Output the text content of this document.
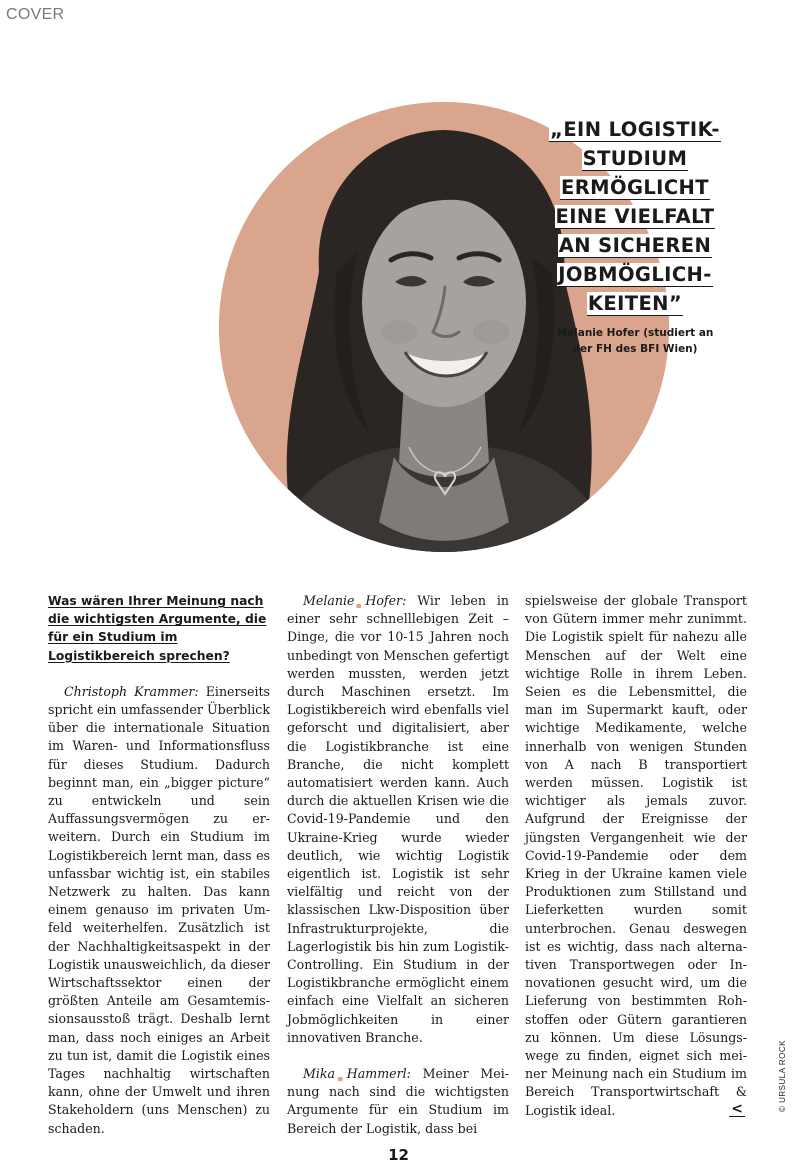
COVER
„EIN LOGISTIK-
STUDIUM
ERMÖGLICHT
EINE VIELFALT
AN SICHEREN
JOBMÖGLICH-
KEITEN”
Melanie Hofer (studiert an der FH des BFI Wien)

Was wären Ihrer Meinung nach die wichtigsten Argumente, die für ein Studium im Logistikbereich sprechen?

Christoph Krammer: Einerseits spricht ein umfassender Überblick über die internationale Situation im Waren- und Informationsfluss für dieses Studium. Dadurch beginnt man, ein „bigger picture“ zu entwickeln und sein Auffassungsvermögen zu erweitern. Durch ein Studium im Logistikbereich lernt man, dass es unfassbar wichtig ist, ein stabiles Netzwerk zu halten. Das kann einem genauso im privaten Umfeld weiterhelfen. Zusätzlich ist der Nachhaltigkeitsaspekt in der Logistik unausweichlich, da dieser Wirtschaftssektor einen der größten Anteile am Gesamtemissionsausstoß trägt. Deshalb lernt man, dass noch einiges an Arbeit zu tun ist, damit die Logistik eines Tages nachhaltig wirtschaften kann, ohne der Umwelt und ihren Stakeholdern (uns Menschen) zu schaden.

Melanie Hofer: Wir leben in einer sehr schnelllebigen Zeit – Dinge, die vor 10-15 Jahren noch unbedingt von Menschen gefertigt werden mussten, werden jetzt durch Maschinen ersetzt. Im Logistikbereich wird ebenfalls viel geforscht und digitalisiert, aber die Logistikbranche ist eine Branche, die nicht komplett automatisiert werden kann. Auch durch die aktuellen Krisen wie die Covid-19-Pandemie und den Ukraine-Krieg wurde wieder deutlich, wie wichtig Logistik eigentlich ist. Logistik ist sehr vielfältig und reicht von der klassischen Lkw-Disposition über Infrastrukturprojekte, die Lagerlogistik bis hin zum Logistik-Controlling. Ein Studium in der Logistikbranche ermöglicht einem einfach eine Vielfalt an sicheren Jobmöglichkeiten in einer innovativen Branche.

Mika Hammerl: Meiner Meinung nach sind die wichtigsten Argumente für ein Studium im Bereich der Logistik, dass bei

spielsweise der globale Transport von Gütern immer mehr zunimmt. Die Logistik spielt für nahezu alle Menschen auf der Welt eine wichtige Rolle in ihrem Leben. Seien es die Lebensmittel, die man im Supermarkt kauft, oder wichtige Medikamente, welche innerhalb von wenigen Stunden von A nach B transportiert werden müssen. Logistik ist wichtiger als jemals zuvor. Aufgrund der Ereignisse der jüngsten Vergangenheit wie der Covid-19-Pandemie oder dem Krieg in der Ukraine kamen viele Produktionen zum Stillstand und Lieferketten wurden somit unterbrochen. Genau deswegen ist es wichtig, dass nach alternativen Transportwegen oder Innovationen gesucht wird, um die Lieferung von bestimmten Rohstoffen oder Gütern garantieren zu können. Um diese Lösungswege zu finden, eignet sich meiner Meinung nach ein Studium im Bereich Transportwirtschaft & Logistik ideal.	<	© URSULA ROCK
12
